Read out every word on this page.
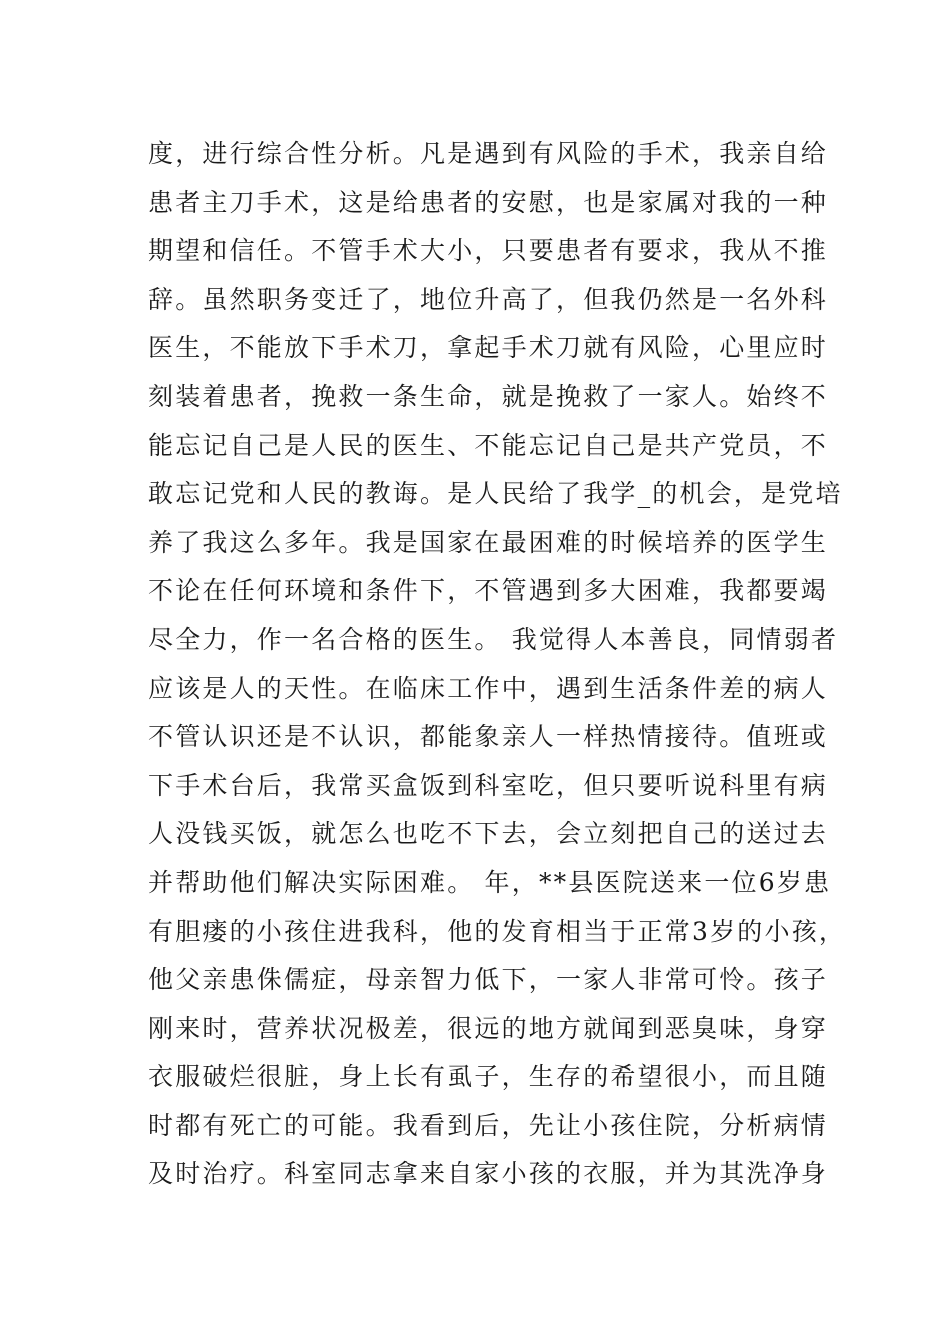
度，进行综合性分析。凡是遇到有风险的手术，我亲自给
患者主刀手术，这是给患者的安慰，也是家属对我的一种
期望和信任。不管手术大小，只要患者有要求，我从不推
辞。虽然职务变迁了，地位升高了，但我仍然是一名外科
医生，不能放下手术刀，拿起手术刀就有风险，心里应时
刻装着患者，挽救一条生命，就是挽救了一家人。始终不
能忘记自己是人民的医生、不能忘记自己是共产党员，不
敢忘记党和人民的教诲。是人民给了我学_的机会，是党培
养了我这么多年。我是国家在最困难的时候培养的医学生
不论在任何环境和条件下，不管遇到多大困难，我都要竭
尽全力，作一名合格的医生。 我觉得人本善良，同情弱者
应该是人的天性。在临床工作中，遇到生活条件差的病人
不管认识还是不认识，都能象亲人一样热情接待。值班或
下手术台后，我常买盒饭到科室吃，但只要听说科里有病
人没钱买饭，就怎么也吃不下去，会立刻把自己的送过去
并帮助他们解决实际困难。 年，**县医院送来一位6岁患
有胆瘘的小孩住进我科，他的发育相当于正常3岁的小孩，
他父亲患侏儒症，母亲智力低下，一家人非常可怜。孩子
刚来时，营养状况极差，很远的地方就闻到恶臭味，身穿
衣服破烂很脏，身上长有虱子，生存的希望很小，而且随
时都有死亡的可能。我看到后，先让小孩住院，分析病情
及时治疗。科室同志拿来自家小孩的衣服，并为其洗净身
